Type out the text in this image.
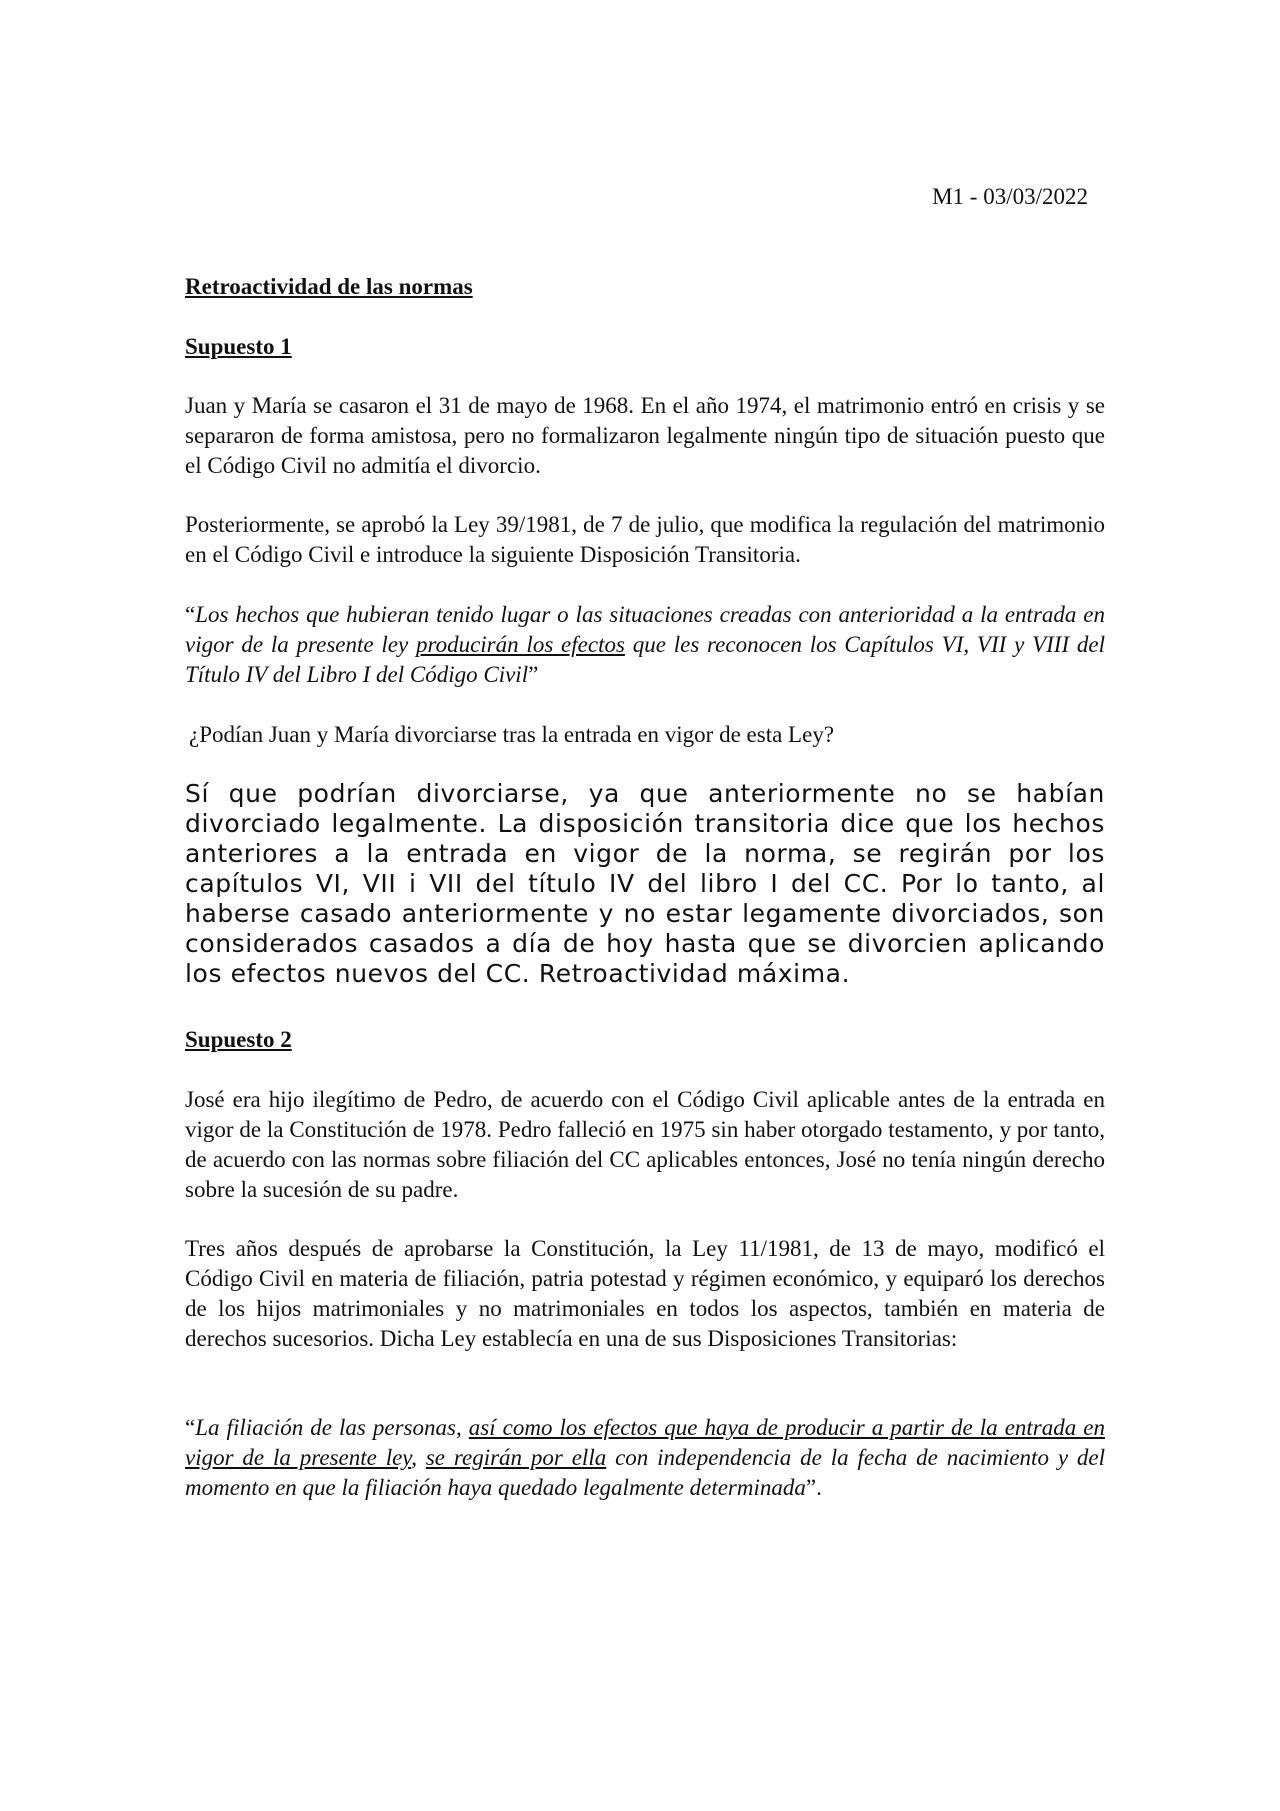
M1 - 03/03/2022

Retroactividad de las normas

Supuesto 1

Juan y María se casaron el 31 de mayo de 1968. En el año 1974, el matrimonio entró en crisis y se separaron de forma amistosa, pero no formalizaron legalmente ningún tipo de situación puesto que el Código Civil no admitía el divorcio.

Posteriormente, se aprobó la Ley 39/1981, de 7 de julio, que modifica la regulación del matrimonio en el Código Civil e introduce la siguiente Disposición Transitoria.

“Los hechos que hubieran tenido lugar o las situaciones creadas con anterioridad a la entrada en vigor de la presente ley producirán los efectos que les reconocen los Capítulos VI, VII y VIII del Título IV del Libro I del Código Civil”

¿Podían Juan y María divorciarse tras la entrada en vigor de esta Ley?

Sí que podrían divorciarse, ya que anteriormente no se habían divorciado legalmente. La disposición transitoria dice que los hechos anteriores a la entrada en vigor de la norma, se regirán por los capítulos VI, VII i VII del título IV del libro I del CC. Por lo tanto, al haberse casado anteriormente y no estar legamente divorciados, son considerados casados a día de hoy hasta que se divorcien aplicando los efectos nuevos del CC. Retroactividad máxima.

Supuesto 2

José era hijo ilegítimo de Pedro, de acuerdo con el Código Civil aplicable antes de la entrada en vigor de la Constitución de 1978. Pedro falleció en 1975 sin haber otorgado testamento, y por tanto, de acuerdo con las normas sobre filiación del CC aplicables entonces, José no tenía ningún derecho sobre la sucesión de su padre.

Tres años después de aprobarse la Constitución, la Ley 11/1981, de 13 de mayo, modificó el Código Civil en materia de filiación, patria potestad y régimen económico, y equiparó los derechos de los hijos matrimoniales y no matrimoniales en todos los aspectos, también en materia de derechos sucesorios. Dicha Ley establecía en una de sus Disposiciones Transitorias:

“La filiación de las personas, así como los efectos que haya de producir a partir de la entrada en vigor de la presente ley, se regirán por ella con independencia de la fecha de nacimiento y del momento en que la filiación haya quedado legalmente determinada”.
